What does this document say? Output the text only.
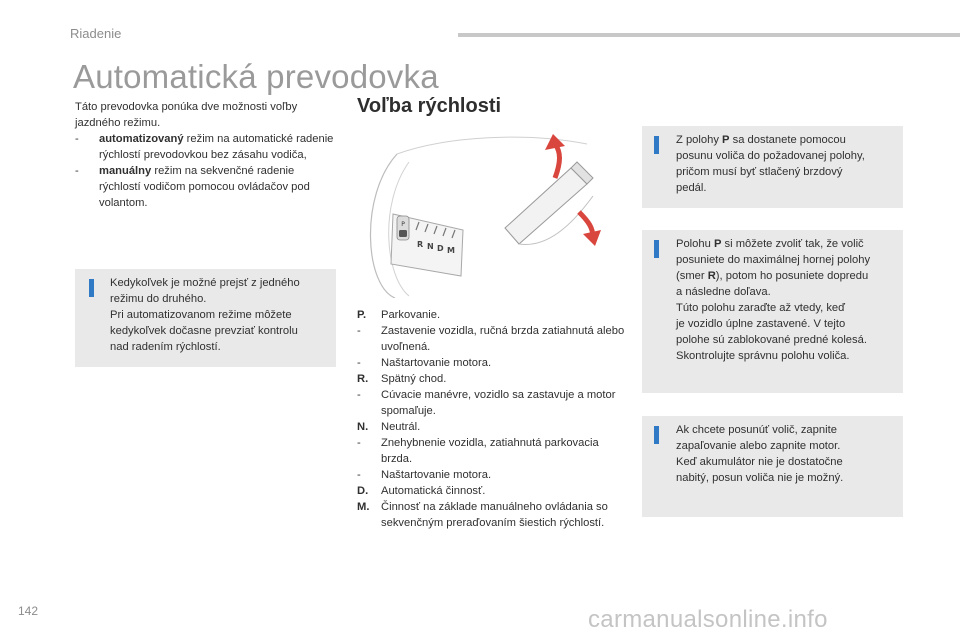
Riadenie
Automatická prevodovka
Voľba rýchlosti

Táto prevodovka ponúka dve možnosti voľby

jazdného režimu.

- automatizovaný režim na automatické radenie rýchlostí prevodovkou bez zásahu vodiča,
- manuálny režim na sekvenčné radenie rýchlostí vodičom pomocou ovládačov pod volantom.
Kedykoľvek je možné prejsť z jedného
režimu do druhého.
Pri automatizovanom režime môžete
kedykoľvek dočasne prevziať kontrolu
nad radením rýchlostí.
P
R N D M
P. Parkovanie.
- Zastavenie vozidla, ručná brzda zatiahnutá alebo uvoľnená.
- Naštartovanie motora.
R. Spätný chod.
- Cúvacie manévre, vozidlo sa zastavuje a motor spomaľuje.
N. Neutrál.
- Znehybnenie vozidla, zatiahnutá parkovacia brzda.
- Naštartovanie motora.
D. Automatická činnosť.
M. Činnosť na základe manuálneho ovládania so sekvenčným preraďovaním šiestich rýchlostí.
Z polohy P sa dostanete pomocou
posunu voliča do požadovanej polohy,
pričom musí byť stlačený brzdový
pedál.
Polohu P si môžete zvoliť tak, že volič
posuniete do maximálnej hornej polohy
(smer R), potom ho posuniete dopredu
a následne doľava.
Túto polohu zaraďte až vtedy, keď
je vozidlo úplne zastavené. V tejto
polohe sú zablokované predné kolesá.
Skontrolujte správnu polohu voliča.
Ak chcete posunúť volič, zapnite
zapaľovanie alebo zapnite motor.
Keď akumulátor nie je dostatočne
nabitý, posun voliča nie je možný.
142	carmanualsonline.info
